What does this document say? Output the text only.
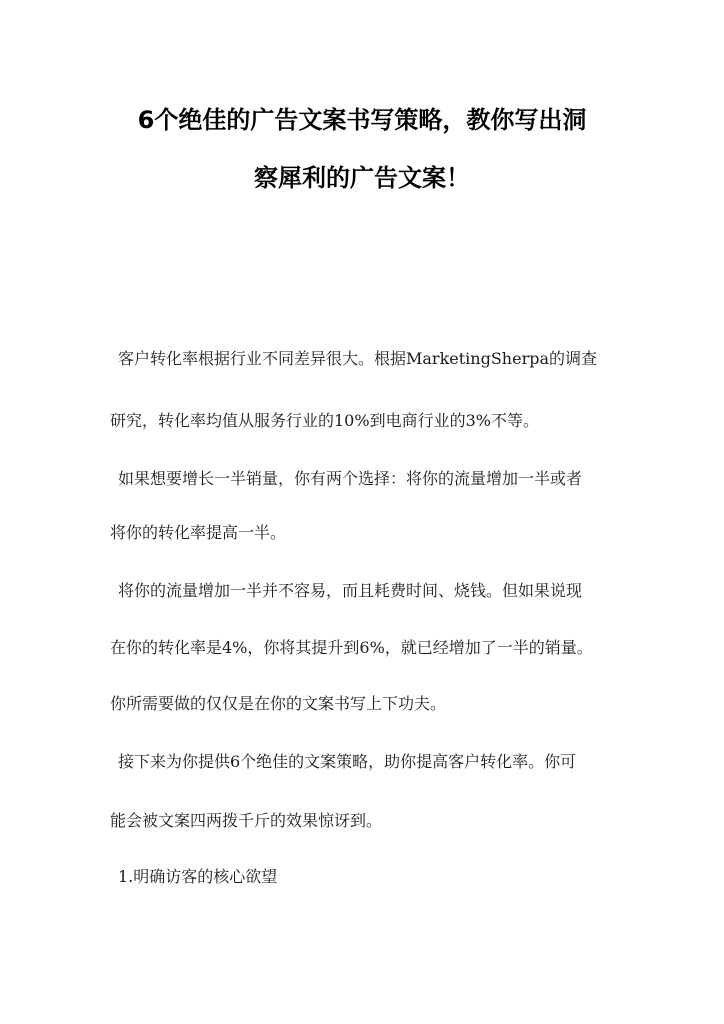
6个绝佳的广告文案书写策略，教你写出洞
察犀利的广告文案！
客户转化率根据行业不同差异很大。根据MarketingSherpa的调查
研究，转化率均值从服务行业的10%到电商行业的3%不等。
如果想要增长一半销量，你有两个选择：将你的流量增加一半或者
将你的转化率提高一半。
将你的流量增加一半并不容易，而且耗费时间、烧钱。但如果说现
在你的转化率是4%，你将其提升到6%，就已经增加了一半的销量。
你所需要做的仅仅是在你的文案书写上下功夫。
接下来为你提供6个绝佳的文案策略，助你提高客户转化率。你可
能会被文案四两拨千斤的效果惊讶到。
1.明确访客的核心欲望
